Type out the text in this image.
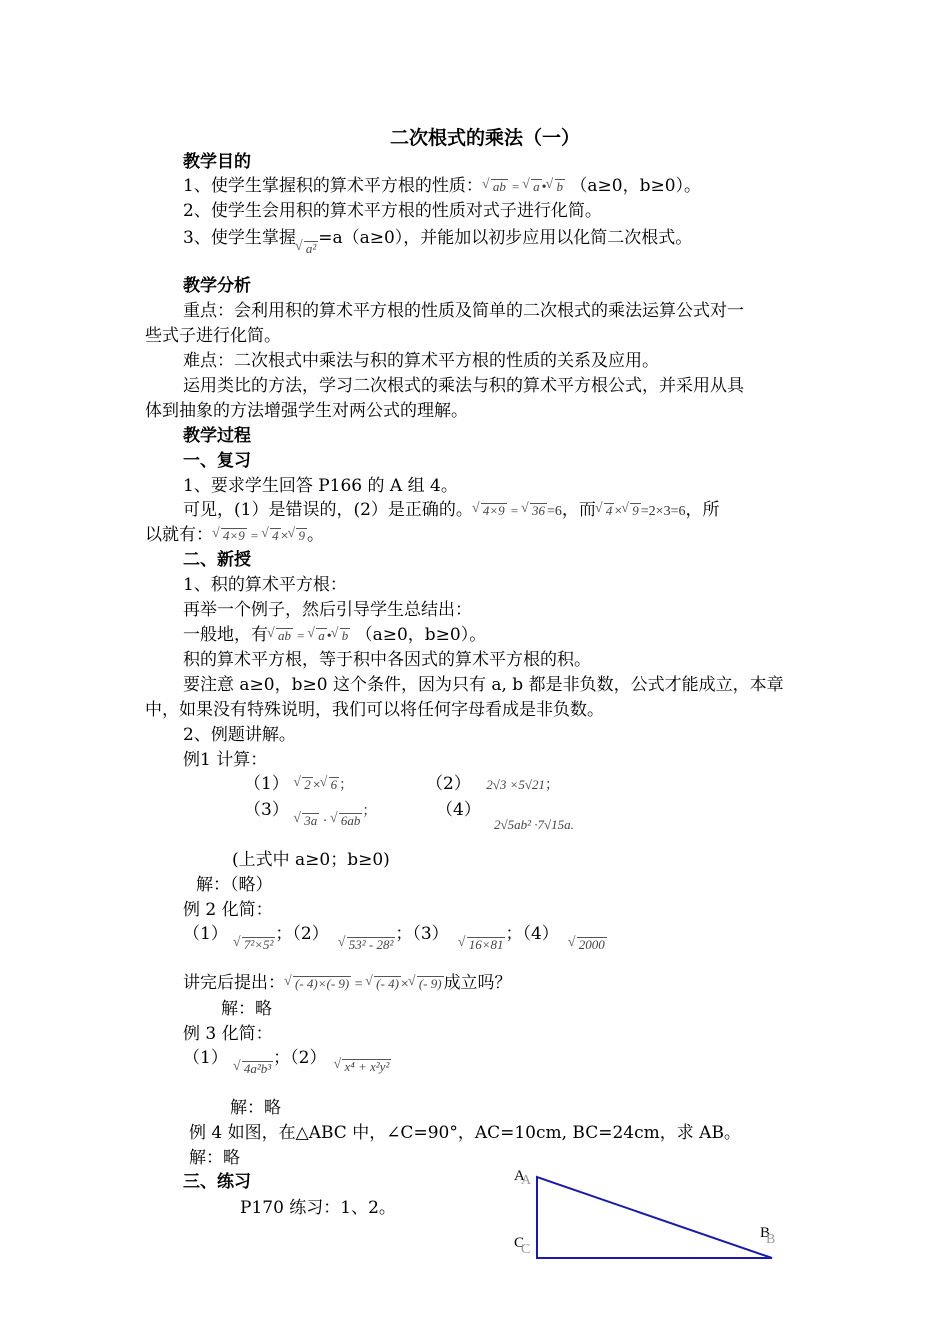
二次根式的乘法（一）
教学目的
1、使学生掌握积的算术平方根的性质： √ ab = √ a • √ b （a≥0，b≥0）。
2、使学生会用积的算术平方根的性质对式子进行化简。
3、使学生掌握√ a²=a（a≥0），并能加以初步应用以化简二次根式。
教学分析
重点：会利用积的算术平方根的性质及简单的二次根式的乘法运算公式对一
些式子进行化简。
难点：二次根式中乘法与积的算术平方根的性质的关系及应用。
运用类比的方法，学习二次根式的乘法与积的算术平方根公式，并采用从具
体到抽象的方法增强学生对两公式的理解。
教学过程
一、复习
1、要求学生回答 P166 的 A 组 4。
可见，(1）是错误的，(2）是正确的。 √ 4×9 = √ 36 =6，而 √ 4 × √ 9 =2×3=6，所
以就有： √ 4×9 = √ 4 × √ 9 。
二、新授
1、积的算术平方根：
再举一个例子，然后引导学生总结出：
一般地，有 √ ab = √ a • √ b （a≥0，b≥0）。
积的算术平方根，等于积中各因式的算术平方根的积。
要注意 a≥0，b≥0 这个条件，因为只有 a, b 都是非负数，公式才能成立，本章
中，如果没有特殊说明，我们可以将任何字母看成是非负数。
2、例题讲解。
例1 计算：
（1） √ 2 × √ 6 ；	（2） 2√3 ×5√21；
（3） √ 3a $_\cdot$ √ 6ab；	（4）
2√5ab² ·7√15a.
(上式中 a≥0；b≥0)
解：（略）
例 2 化简：
（1）√ 7²×5²；（2）√ 53² - 28²；（3）√ 16×81；（4）√ 2000
讲完后提出： √ (- 4)×(- 9) = √ (- 4) × √ (- 9) 成立吗？
解：略
例 3 化简：
（1）√ 4a²b³；（2） √ x⁴ + x²y²
解：略
例 4 如图，在△ABC 中，∠C=90°，AC=10cm, BC=24cm，求 AB。
解：略
三、练习
P170 练习：1、2。
A
A
B
B
C
C
